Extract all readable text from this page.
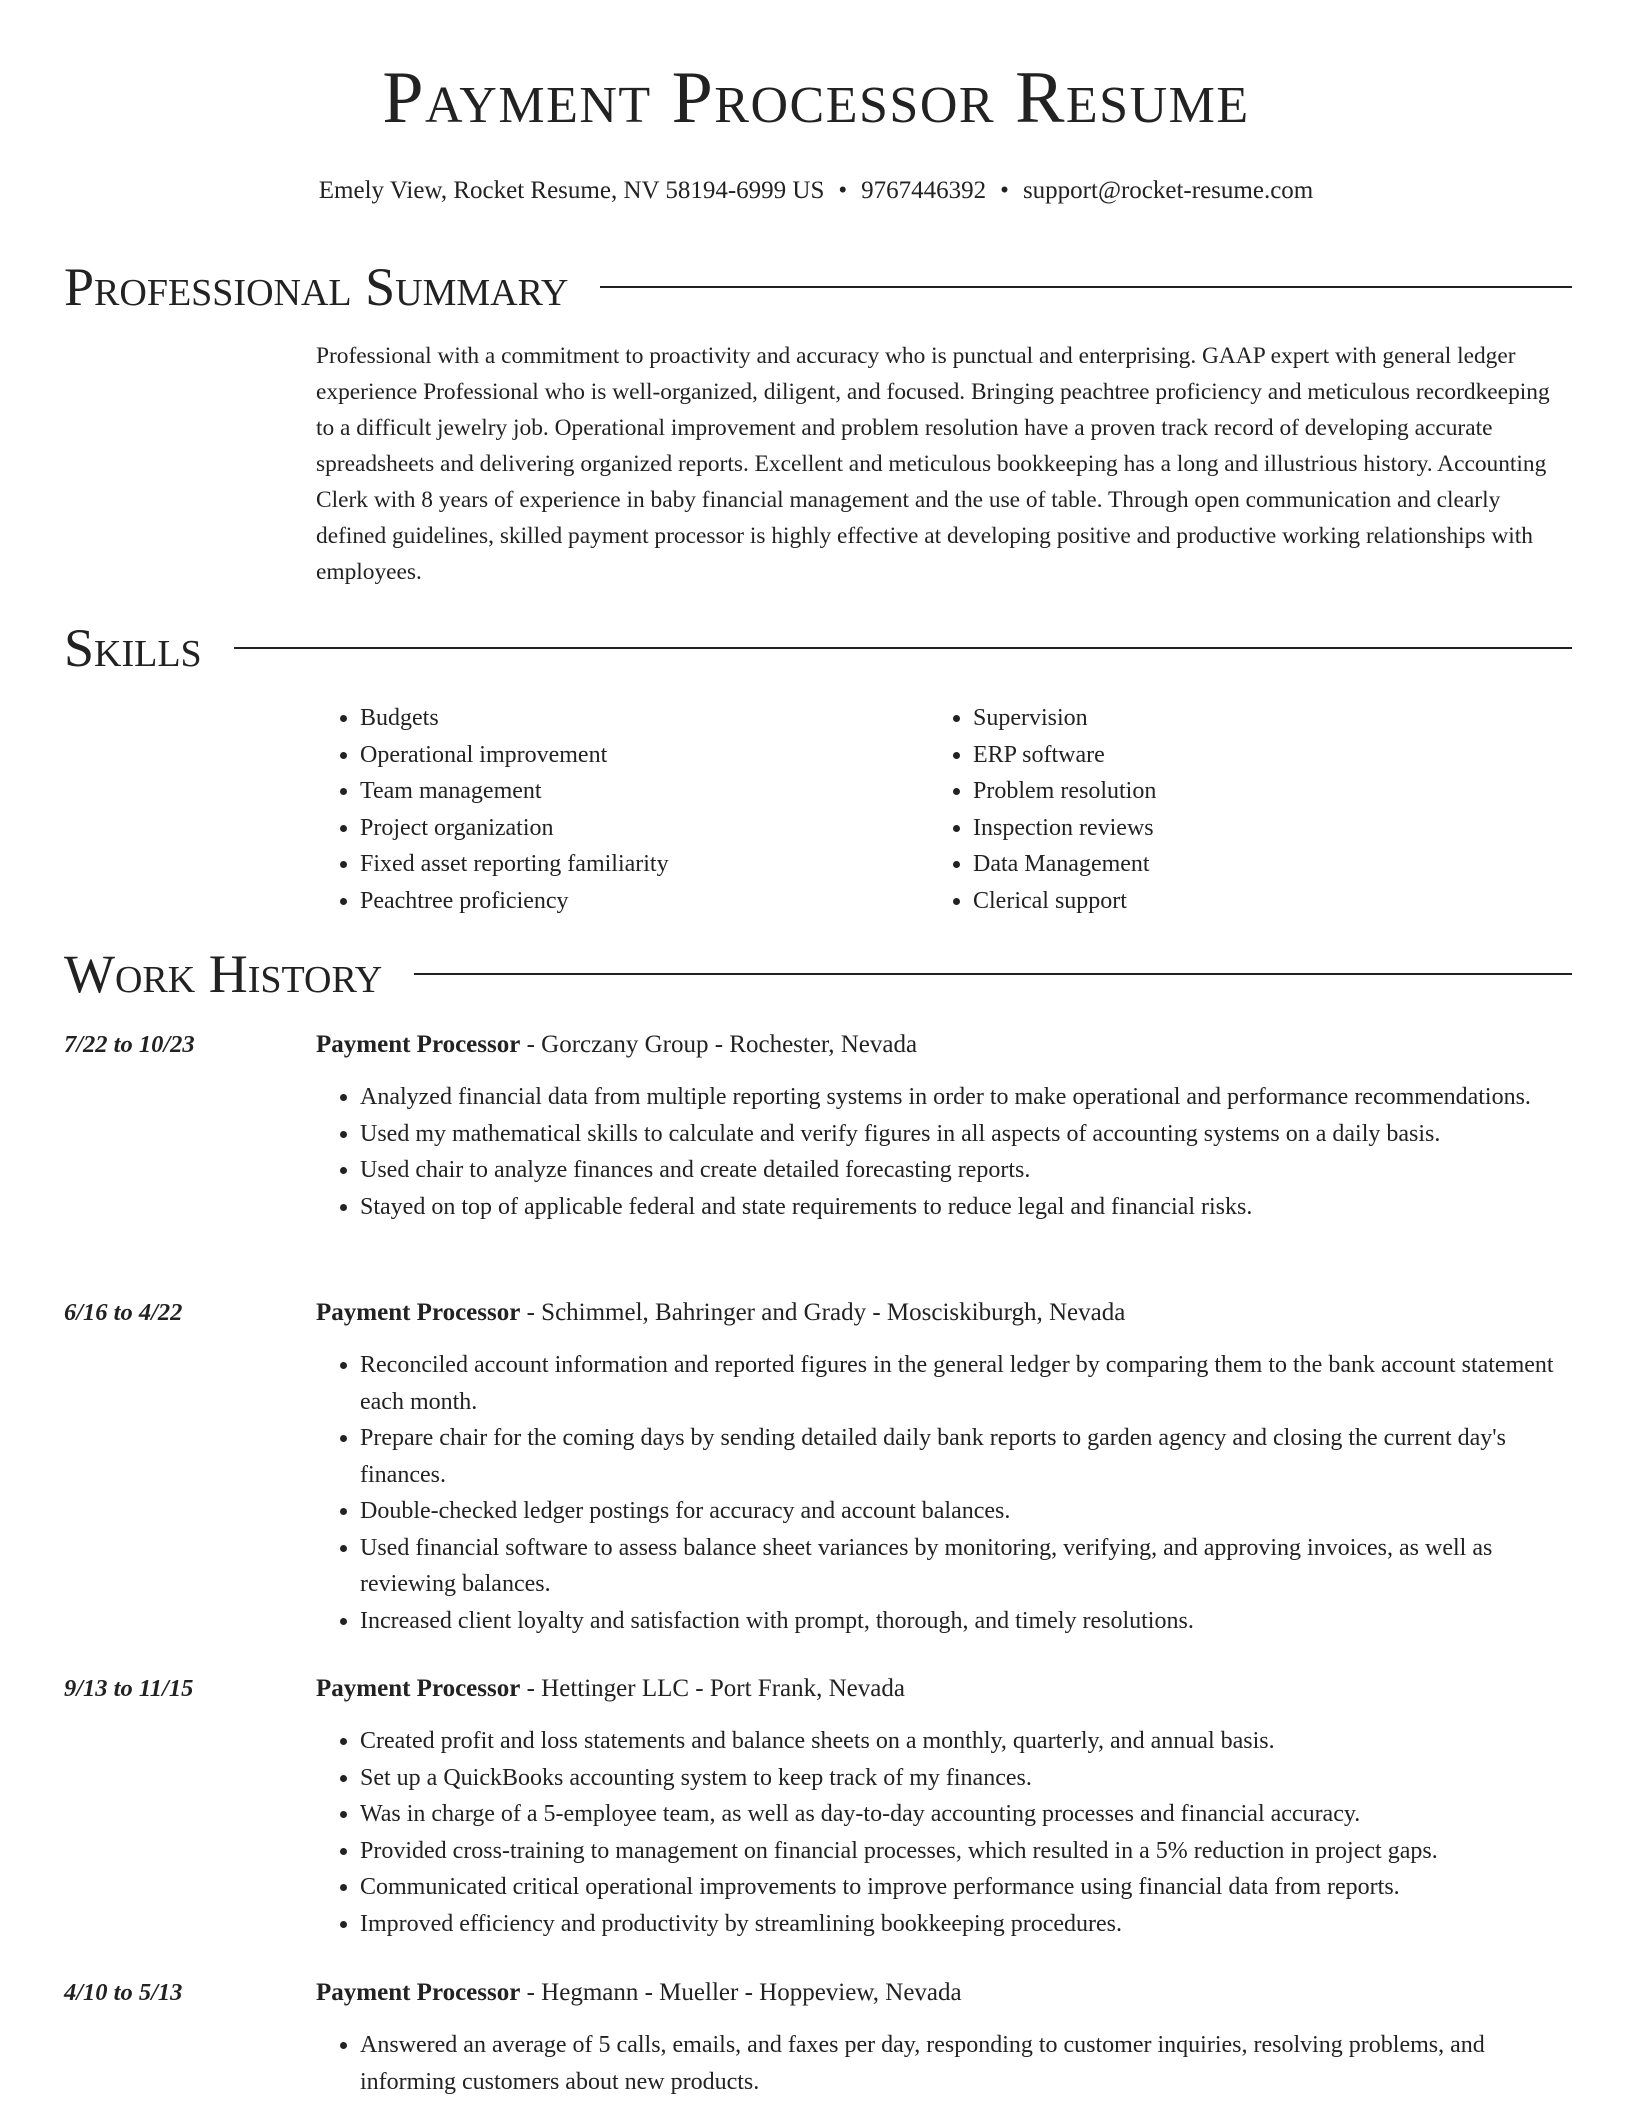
Payment Processor Resume
Emely View, Rocket Resume, NV 58194-6999 US • 9767446392 • support@rocket-resume.com
Professional Summary

Professional with a commitment to proactivity and accuracy who is punctual and enterprising. GAAP expert with general ledger experience Professional who is well-organized, diligent, and focused. Bringing peachtree proficiency and meticulous recordkeeping to a difficult jewelry job. Operational improvement and problem resolution have a proven track record of developing accurate spreadsheets and delivering organized reports. Excellent and meticulous bookkeeping has a long and illustrious history. Accounting Clerk with 8 years of experience in baby financial management and the use of table. Through open communication and clearly defined guidelines, skilled payment processor is highly effective at developing positive and productive working relationships with employees.

Skills
• Budgets
• Operational improvement
• Team management
• Project organization
• Fixed asset reporting familiarity
• Peachtree proficiency
• Supervision
• ERP software
• Problem resolution
• Inspection reviews
• Data Management
• Clerical support
Work History
7/22 to 10/23	Payment Processor - Gorczany Group - Rochester, Nevada
• Analyzed financial data from multiple reporting systems in order to make operational and performance recommendations.
• Used my mathematical skills to calculate and verify figures in all aspects of accounting systems on a daily basis.
• Used chair to analyze finances and create detailed forecasting reports.
• Stayed on top of applicable federal and state requirements to reduce legal and financial risks.
6/16 to 4/22	Payment Processor - Schimmel, Bahringer and Grady - Mosciskiburgh, Nevada
• Reconciled account information and reported figures in the general ledger by comparing them to the bank account statement each month.
• Prepare chair for the coming days by sending detailed daily bank reports to garden agency and closing the current day's finances.
• Double-checked ledger postings for accuracy and account balances.
• Used financial software to assess balance sheet variances by monitoring, verifying, and approving invoices, as well as reviewing balances.
• Increased client loyalty and satisfaction with prompt, thorough, and timely resolutions.
9/13 to 11/15	Payment Processor - Hettinger LLC - Port Frank, Nevada
• Created profit and loss statements and balance sheets on a monthly, quarterly, and annual basis.
• Set up a QuickBooks accounting system to keep track of my finances.
• Was in charge of a 5-employee team, as well as day-to-day accounting processes and financial accuracy.
• Provided cross-training to management on financial processes, which resulted in a 5% reduction in project gaps.
• Communicated critical operational improvements to improve performance using financial data from reports.
• Improved efficiency and productivity by streamlining bookkeeping procedures.
4/10 to 5/13	Payment Processor - Hegmann - Mueller - Hoppeview, Nevada
• Answered an average of 5 calls, emails, and faxes per day, responding to customer inquiries, resolving problems, and informing customers about new products.
